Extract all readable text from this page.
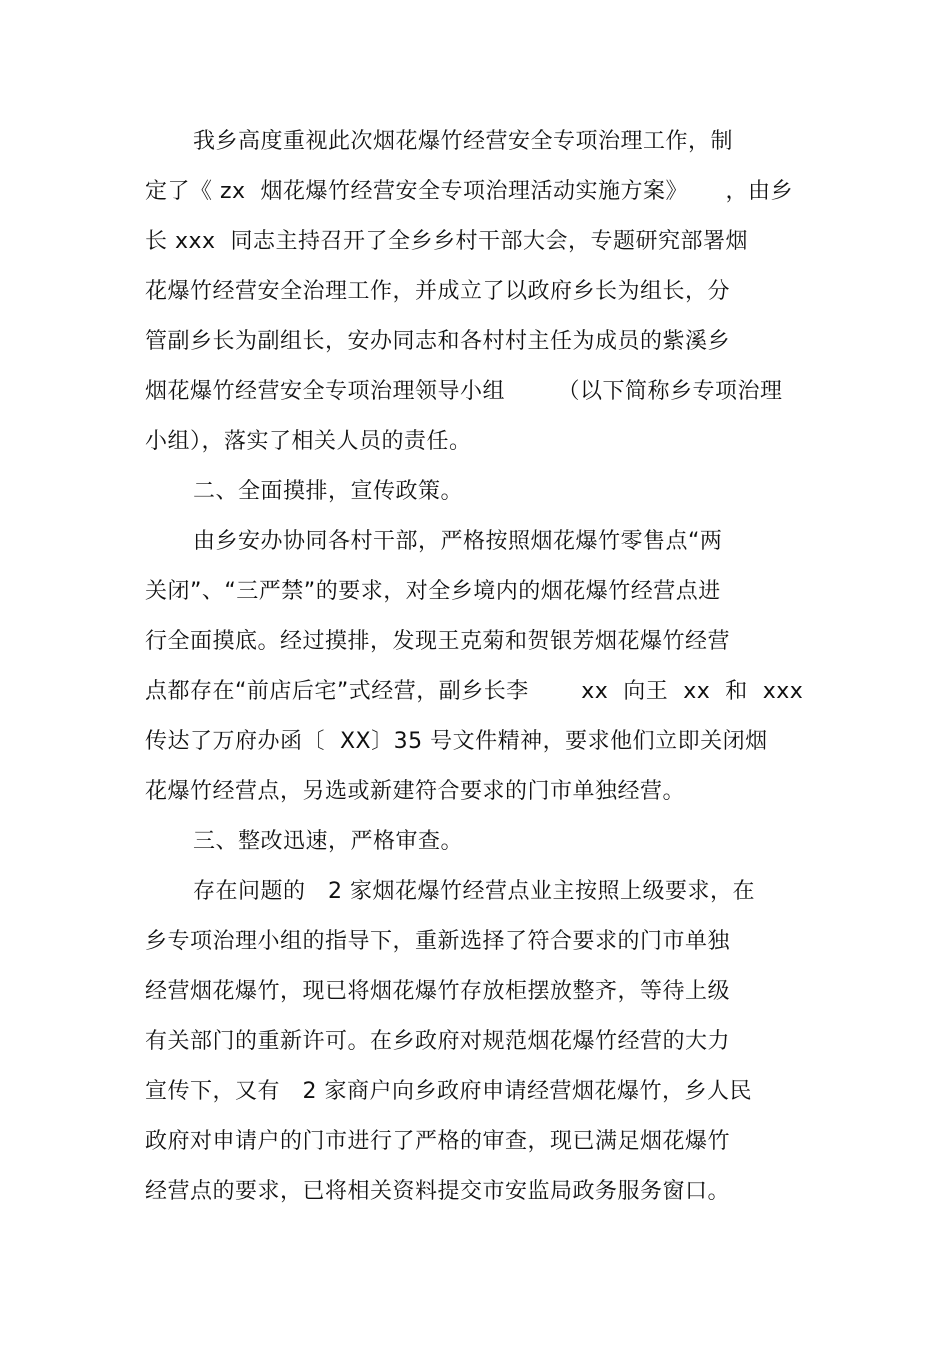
我乡高度重视此次烟花爆竹经营安全专项治理工作，制
定了《 zx  烟花爆竹经营安全专项治理活动实施方案》     ，由乡
长 xxx  同志主持召开了全乡乡村干部大会，专题研究部署烟
花爆竹经营安全治理工作，并成立了以政府乡长为组长，分
管副乡长为副组长，安办同志和各村村主任为成员的紫溪乡
烟花爆竹经营安全专项治理领导小组       （以下简称乡专项治理
小组），落实了相关人员的责任。
二、全面摸排，宣传政策。
由乡安办协同各村干部，严格按照烟花爆竹零售点“两
关闭”、“三严禁”的要求，对全乡境内的烟花爆竹经营点进
行全面摸底。经过摸排，发现王克菊和贺银芳烟花爆竹经营
点都存在“前店后宅”式经营，副乡长李       xx  向王  xx  和  xxx
传达了万府办函〔  XX〕35 号文件精神，要求他们立即关闭烟
花爆竹经营点，另选或新建符合要求的门市单独经营。
三、整改迅速，严格审查。
存在问题的   2 家烟花爆竹经营点业主按照上级要求，在
乡专项治理小组的指导下，重新选择了符合要求的门市单独
经营烟花爆竹，现已将烟花爆竹存放柜摆放整齐，等待上级
有关部门的重新许可。在乡政府对规范烟花爆竹经营的大力
宣传下，又有   2 家商户向乡政府申请经营烟花爆竹，乡人民
政府对申请户的门市进行了严格的审查，现已满足烟花爆竹
经营点的要求，已将相关资料提交市安监局政务服务窗口。
